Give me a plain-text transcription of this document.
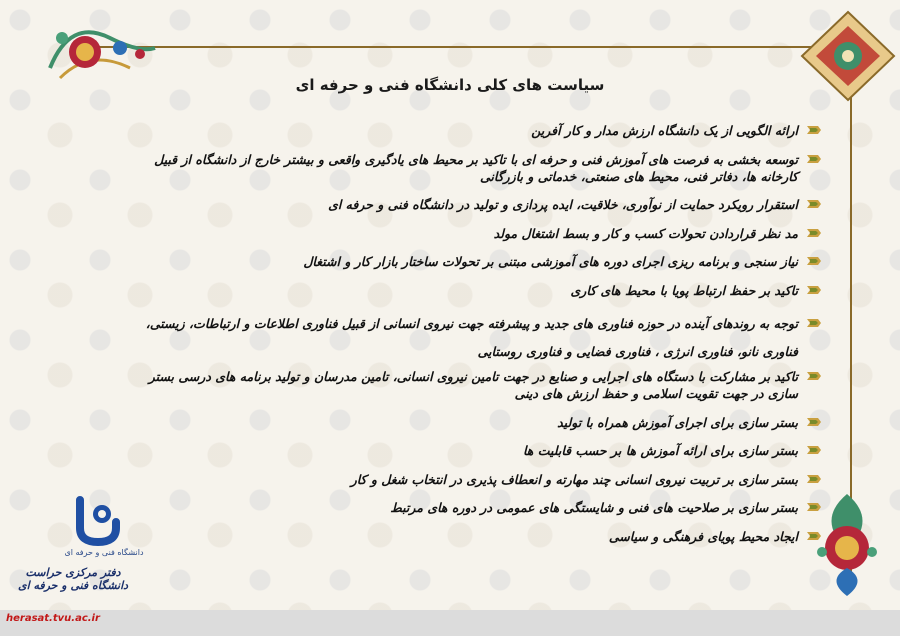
سیاست های کلی دانشگاه فنی و حرفه ای
ارائه الگویی از یک دانشگاه ارزش مدار و کار آفرین
توسعه بخشی به فرصت های آموزش فنی و حرفه ای با تاکید بر محیط های یادگیری واقعی و بیشتر خارج از دانشگاه از قبیل کارخانه ها، دفاتر فنی، محیط های صنعتی، خدماتی و بازرگانی
استقرار رویکرد حمایت از نوآوری، خلاقیت، ایده پردازی و تولید در دانشگاه فنی و حرفه ای
مد نظر قراردادن تحولات کسب و کار و بسط اشتغال مولد
نیاز سنجی و برنامه ریزی اجرای دوره های آموزشی مبتنی بر تحولات ساختار بازار کار و اشتغال
تاکید بر حفظ ارتباط پویا با محیط های کاری
توجه به روندهای آینده در حوزه فناوری های جدید و پیشرفته جهت نیروی انسانی از قبیل فناوری اطلاعات و ارتباطات، زیستی، فناوری نانو، فناوری انرژی ، فناوری فضایی و فناوری روستایی
تاکید بر مشارکت با دستگاه های اجرایی و صنایع در جهت تامین نیروی انسانی، تامین مدرسان و تولید برنامه های درسی بستر سازی در جهت تقویت اسلامی و حفظ ارزش های دینی
بستر سازی برای اجرای آموزش همراه با تولید
بستر سازی برای ارائه آموزش ها بر حسب قابلیت ها
بستر سازی بر تربیت نیروی انسانی چند مهارته و انعطاف پذیری در انتخاب شغل و کار
بستر سازی بر صلاحیت های فنی و شایستگی های عمومی در دوره های مرتبط
ایجاد محیط پویای فرهنگی و سیاسی
دانشگاه فنی و حرفه ای
دفتر مرکزی حراست دانشگاه فنی و حرفه ای
herasat.tvu.ac.ir
